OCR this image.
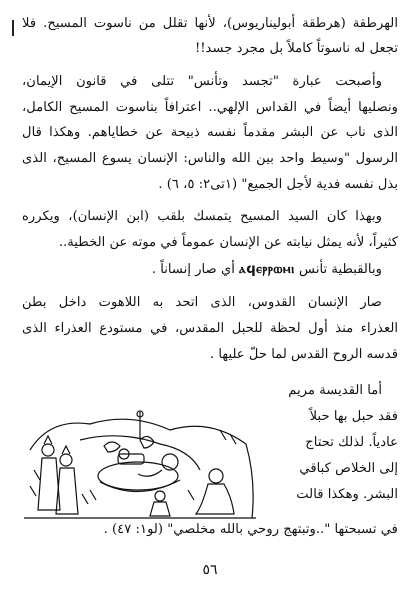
الهرطقة (هرطقة أبوليناريوس)، لأنها تقلل من ناسوت المسيح. فلا
تجعل له ناسوتاً كاملاً بل مجرد جسد!!
وأصبحت عبارة "تجسد وتأنس" تتلى في قانون الإيمان،
ونصليها أيضاً في القداس الإلهي.. اعترافاً بناسوت المسيح الكامل،
الذى ناب عن البشر مقدماً نفسه ذبيحة عن خطاياهم. وهكذا قال
الرسول "وسيط واحد بين الله والناس: الإنسان يسوع المسيح، الذى
بذل نفسه فدية لأجل الجميع" (١تى٢: ٥، ٦) .
وبهذا كان السيد المسيح يتمسك بلقب (ابن الإنسان)، ويكرره
كثيراً، لأنه يمثل نيابته عن الإنسان عموماً في موته عن الخطية..
وبالقبطية تأنس ⲁϥⲉⲣⲣⲱⲙⲓ أي صار إنساناً .
صار الإنسان القدوس، الذى اتحد به اللاهوت داخل بطن
العذراء منذ أول لحظة للحبل المقدس، في مستودع العذراء الذى
قدسه الروح القدس لما حلّ عليها .
أما القديسة مريم
فقد حبل بها حبلاً
عادياً. لذلك تحتاج
إلى الخلاص كباقي
البشر. وهكذا قالت
في تسبحتها "..وتبتهج روحي بالله مخلصي" (لو١: ٤٧) .
٥٦
